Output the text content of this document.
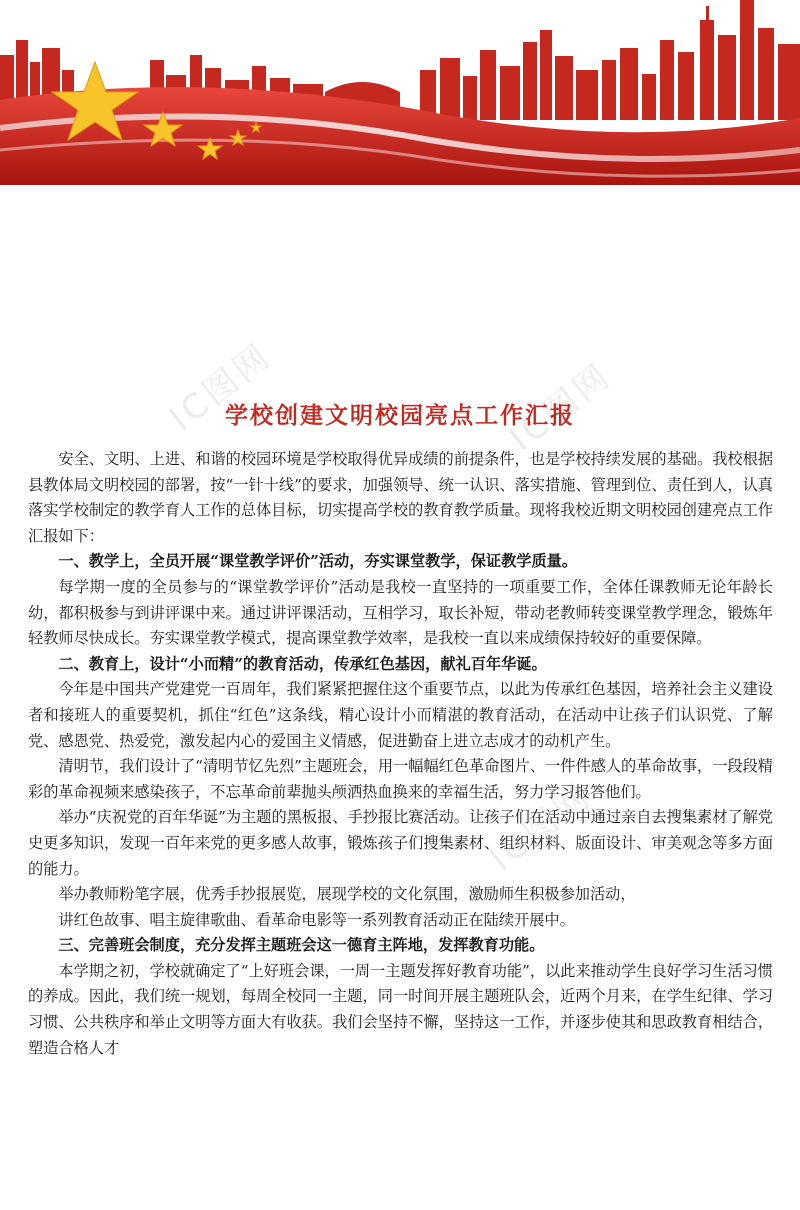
IC图网	IC图网
IC图网
学校创建文明校园亮点工作汇报

安全、文明、上进、和谐的校园环境是学校取得优异成绩的前提条件，也是学校持续发展的基础。我校根据县教体局文明校园的部署，按“一针十线”的要求，加强领导、统一认识、落实措施、管理到位、责任到人，认真落实学校制定的教学育人工作的总体目标，切实提高学校的教育教学质量。现将我校近期文明校园创建亮点工作汇报如下：

一、教学上，全员开展“课堂教学评价”活动，夯实课堂教学，保证教学质量。

每学期一度的全员参与的“课堂教学评价”活动是我校一直坚持的一项重要工作，全体任课教师无论年龄长幼，都积极参与到讲评课中来。通过讲评课活动，互相学习，取长补短，带动老教师转变课堂教学理念，锻炼年轻教师尽快成长。夯实课堂教学模式，提高课堂教学效率，是我校一直以来成绩保持较好的重要保障。

二、教育上，设计“小而精”的教育活动，传承红色基因，献礼百年华诞。

今年是中国共产党建党一百周年，我们紧紧把握住这个重要节点，以此为传承红色基因，培养社会主义建设者和接班人的重要契机，抓住“红色”这条线，精心设计小而精湛的教育活动，在活动中让孩子们认识党、了解党、感恩党、热爱党，激发起内心的爱国主义情感，促进勤奋上进立志成才的动机产生。

清明节，我们设计了“清明节忆先烈”主题班会，用一幅幅红色革命图片、一件件感人的革命故事，一段段精彩的革命视频来感染孩子，不忘革命前辈抛头颅洒热血换来的幸福生活，努力学习报答他们。

举办“庆祝党的百年华诞”为主题的黑板报、手抄报比赛活动。让孩子们在活动中通过亲自去搜集素材了解党史更多知识，发现一百年来党的更多感人故事，锻炼孩子们搜集素材、组织材料、版面设计、审美观念等多方面的能力。

举办教师粉笔字展，优秀手抄报展览，展现学校的文化氛围，激励师生积极参加活动，

讲红色故事、唱主旋律歌曲、看革命电影等一系列教育活动正在陆续开展中。

三、完善班会制度，充分发挥主题班会这一德育主阵地，发挥教育功能。

本学期之初，学校就确定了“上好班会课，一周一主题发挥好教育功能”，以此来推动学生良好学习生活习惯的养成。因此，我们统一规划，每周全校同一主题，同一时间开展主题班队会，近两个月来，在学生纪律、学习习惯、公共秩序和举止文明等方面大有收获。我们会坚持不懈，坚持这一工作，并逐步使其和思政教育相结合，塑造合格人才
